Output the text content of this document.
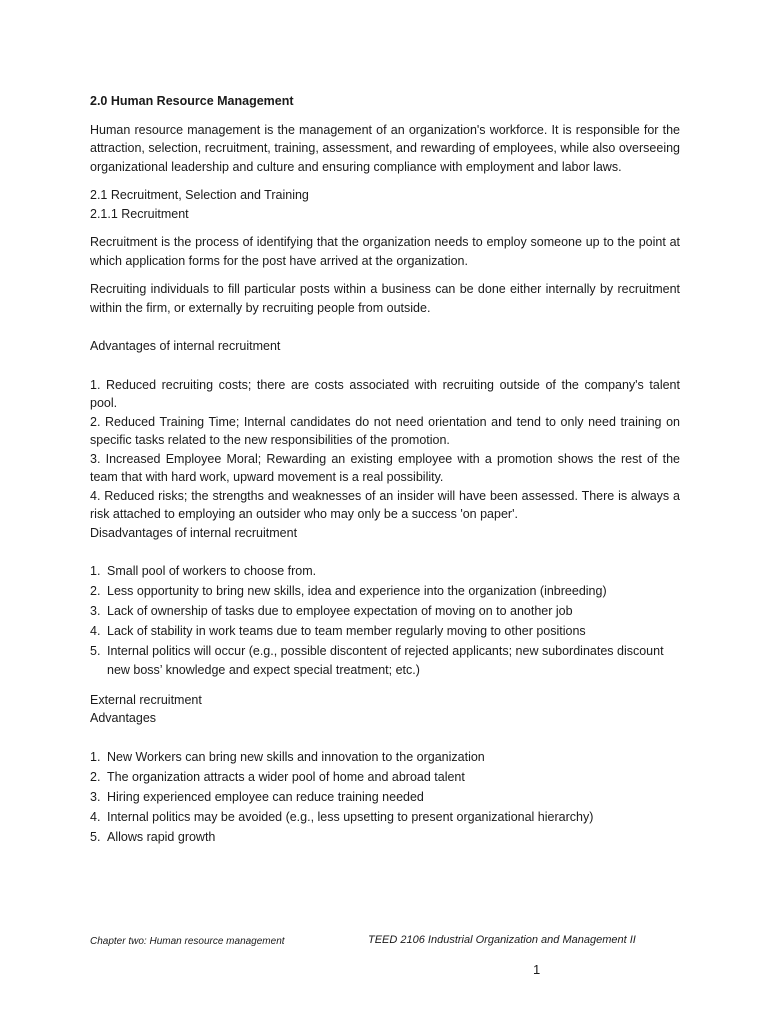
2.0 Human Resource Management

Human resource management is the management of an organization's workforce. It is responsible for the attraction, selection, recruitment, training, assessment, and rewarding of employees, while also overseeing organizational leadership and culture and ensuring compliance with employment and labor laws.

2.1 Recruitment, Selection and Training

2.1.1 Recruitment

Recruitment is the process of identifying that the organization needs to employ someone up to the point at which application forms for the post have arrived at the organization.

Recruiting individuals to fill particular posts within a business can be done either internally by recruitment within the firm, or externally by recruiting people from outside.

Advantages of internal recruitment

1. Reduced recruiting costs; there are costs associated with recruiting outside of the company's talent pool.

2. Reduced Training Time; Internal candidates do not need orientation and tend to only need training on specific tasks related to the new responsibilities of the promotion.

3. Increased Employee Moral; Rewarding an existing employee with a promotion shows the rest of the team that with hard work, upward movement is a real possibility.

4. Reduced risks; the strengths and weaknesses of an insider will have been assessed. There is always a risk attached to employing an outsider who may only be a success 'on paper'.

Disadvantages of internal recruitment

1. Small pool of workers to choose from.
2. Less opportunity to bring new skills, idea and experience into the organization (inbreeding)
3. Lack of ownership of tasks due to employee expectation of moving on to another job
4. Lack of stability in work teams due to team member regularly moving to other positions
5. Internal politics will occur (e.g., possible discontent of rejected applicants; new subordinates discount new boss’ knowledge and expect special treatment; etc.)

External recruitment

Advantages

1. New Workers can bring new skills and innovation to the organization
2. The organization attracts a wider pool of home and abroad talent
3. Hiring experienced employee can reduce training needed
4. Internal politics may be avoided (e.g., less upsetting to present organizational hierarchy)
5. Allows rapid growth
Chapter two: Human resource management	TEED 2106 Industrial Organization and Management II
1
